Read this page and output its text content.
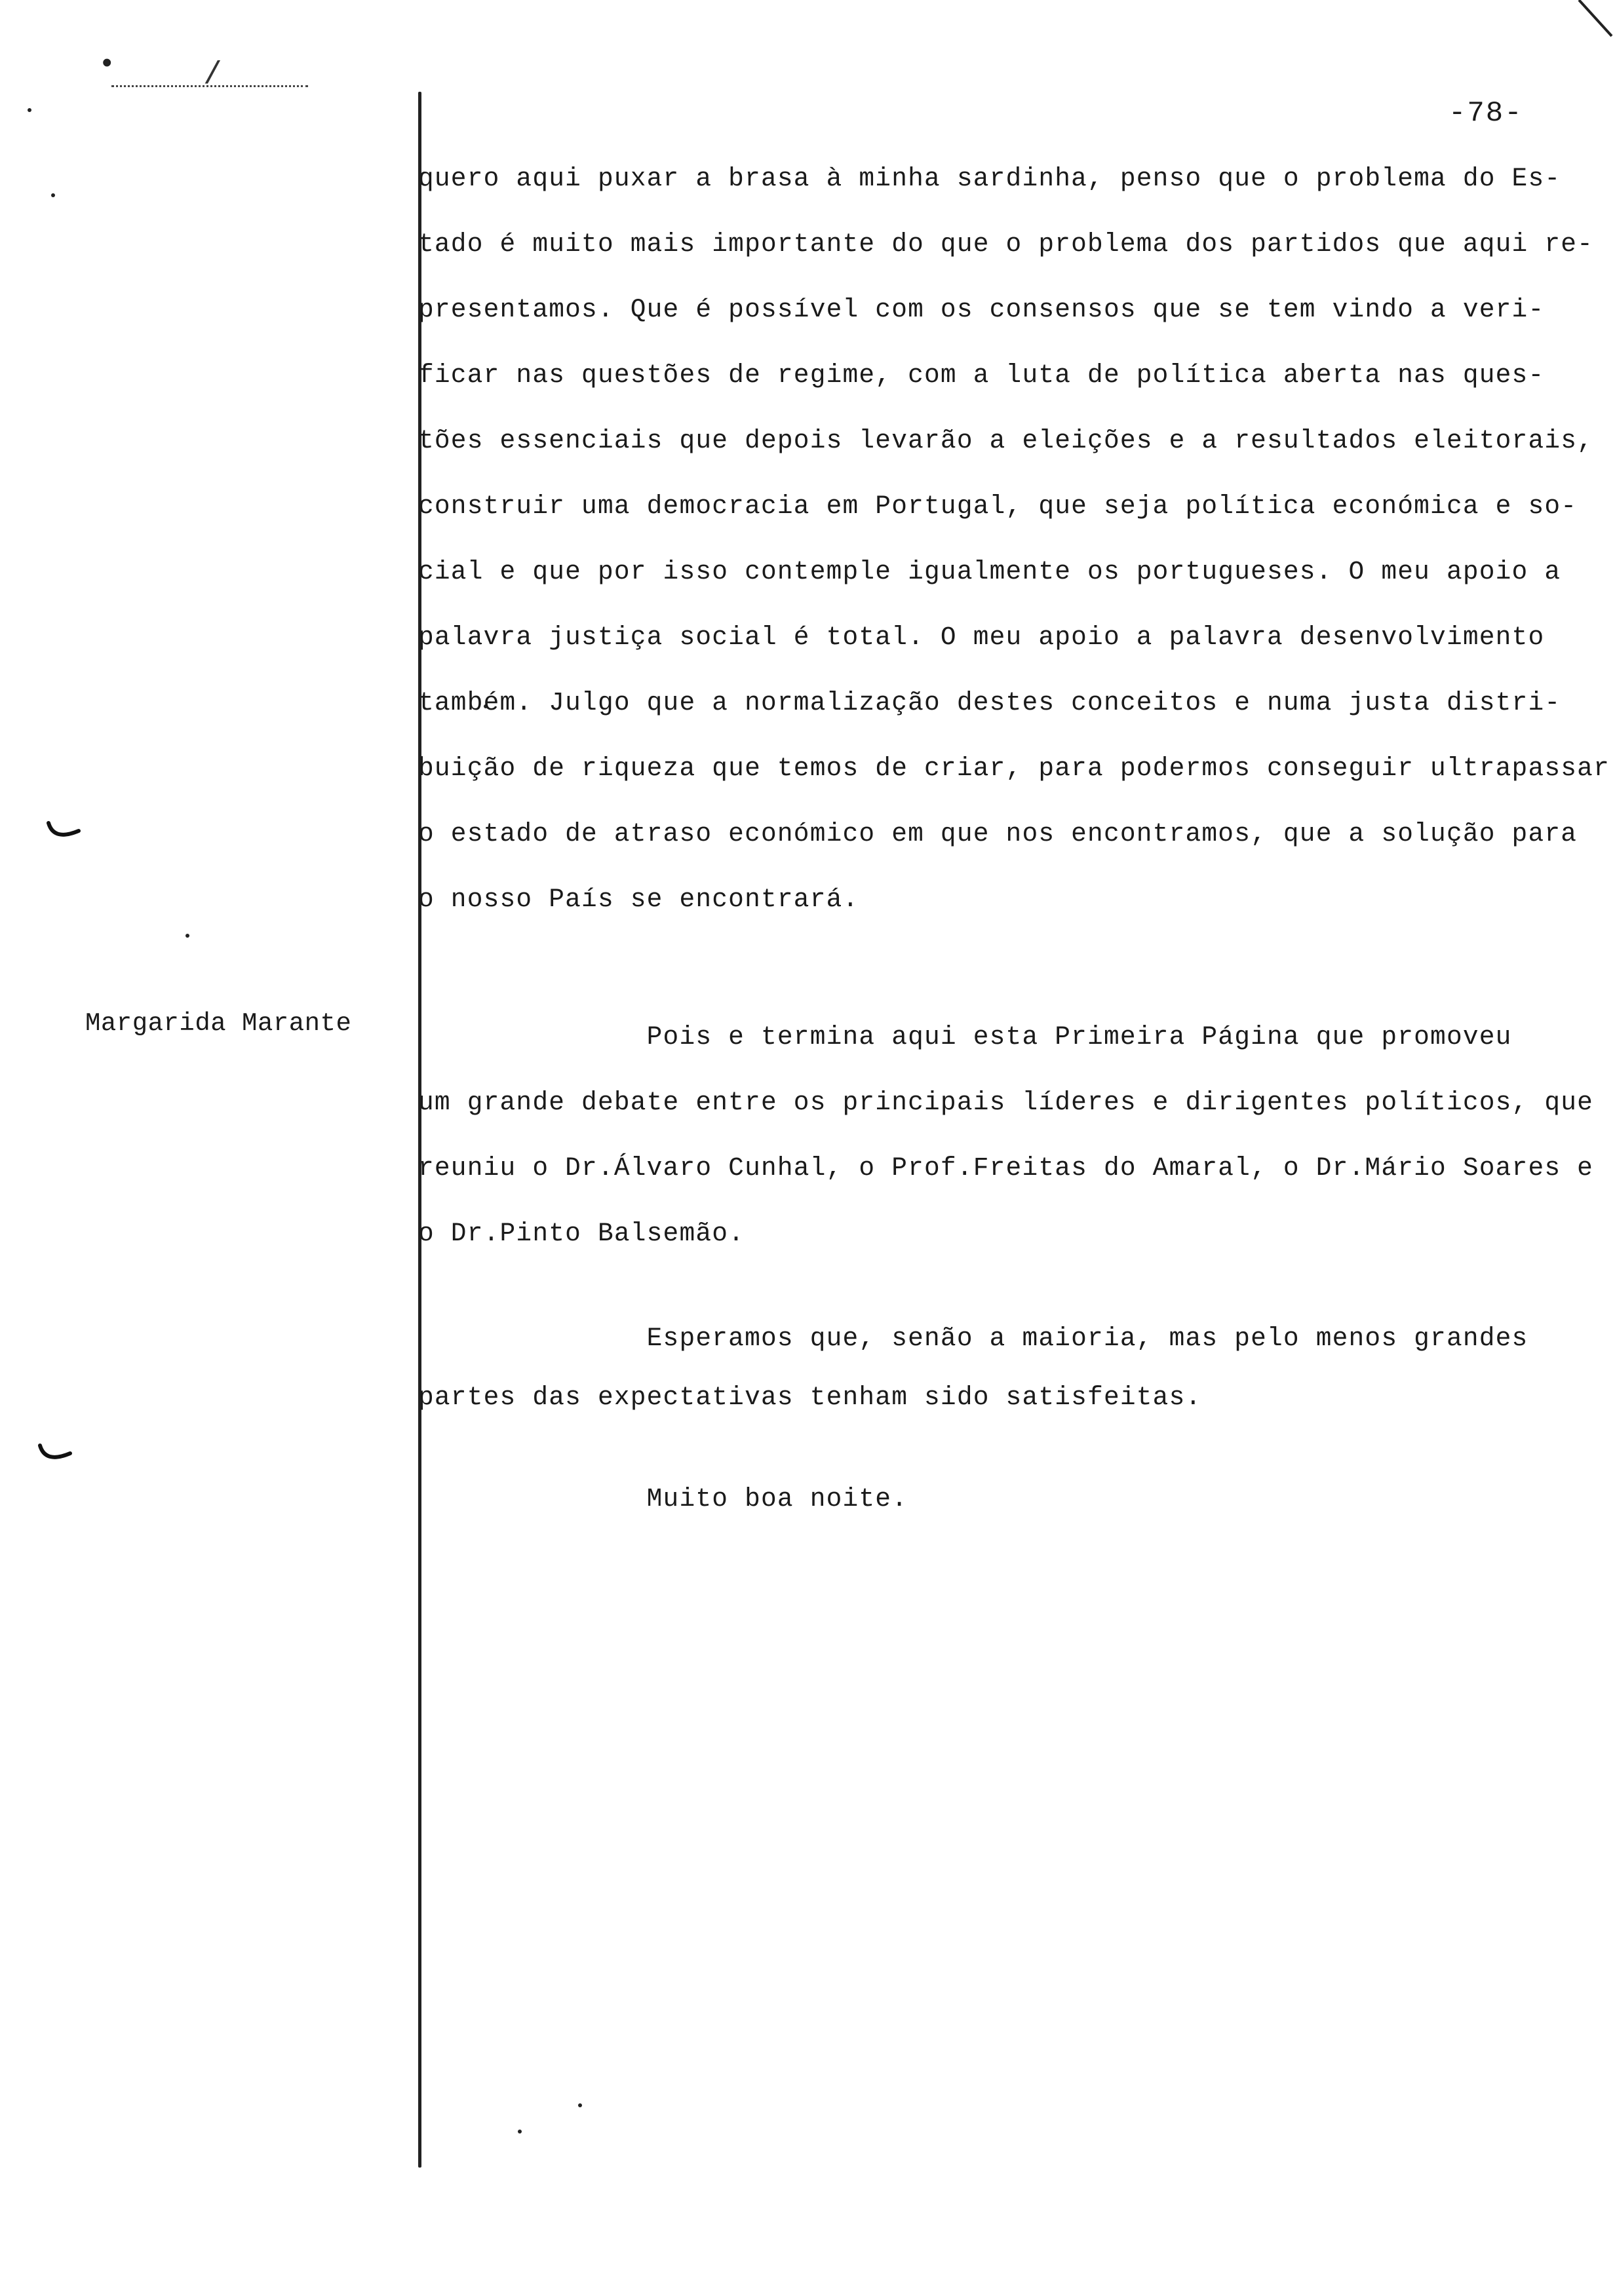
•	/
-78-
Margarida Marante

quero aqui puxar a brasa à minha sardinha, penso que o problema do Es-

tado é muito mais importante do que o problema dos partidos que aqui re-

presentamos. Que é possível com os consensos que se tem vindo a veri-

ficar nas questões de regime, com a luta de política aberta nas ques-

tões essenciais que depois levarão a eleições e a resultados eleitorais,

construir uma democracia em Portugal, que seja política económica e so-

cial e que por isso contemple igualmente os portugueses. O meu apoio a

palavra justiça social é total. O meu apoio a palavra desenvolvimento

também. Julgo que a normalização destes conceitos e numa justa distri-

buição de riqueza que temos de criar, para podermos conseguir ultrapassar

o estado de atraso económico em que nos encontramos, que a solução para

o nosso País se encontrará.

Pois e termina aqui esta Primeira Página que promoveu

um grande debate entre os principais líderes e dirigentes políticos, que

reuniu o Dr.Álvaro Cunhal, o Prof.Freitas do Amaral, o Dr.Mário Soares e

o Dr.Pinto Balsemão.

Esperamos que, senão a maioria, mas pelo menos grandes

partes das expectativas tenham sido satisfeitas.

Muito boa noite.
